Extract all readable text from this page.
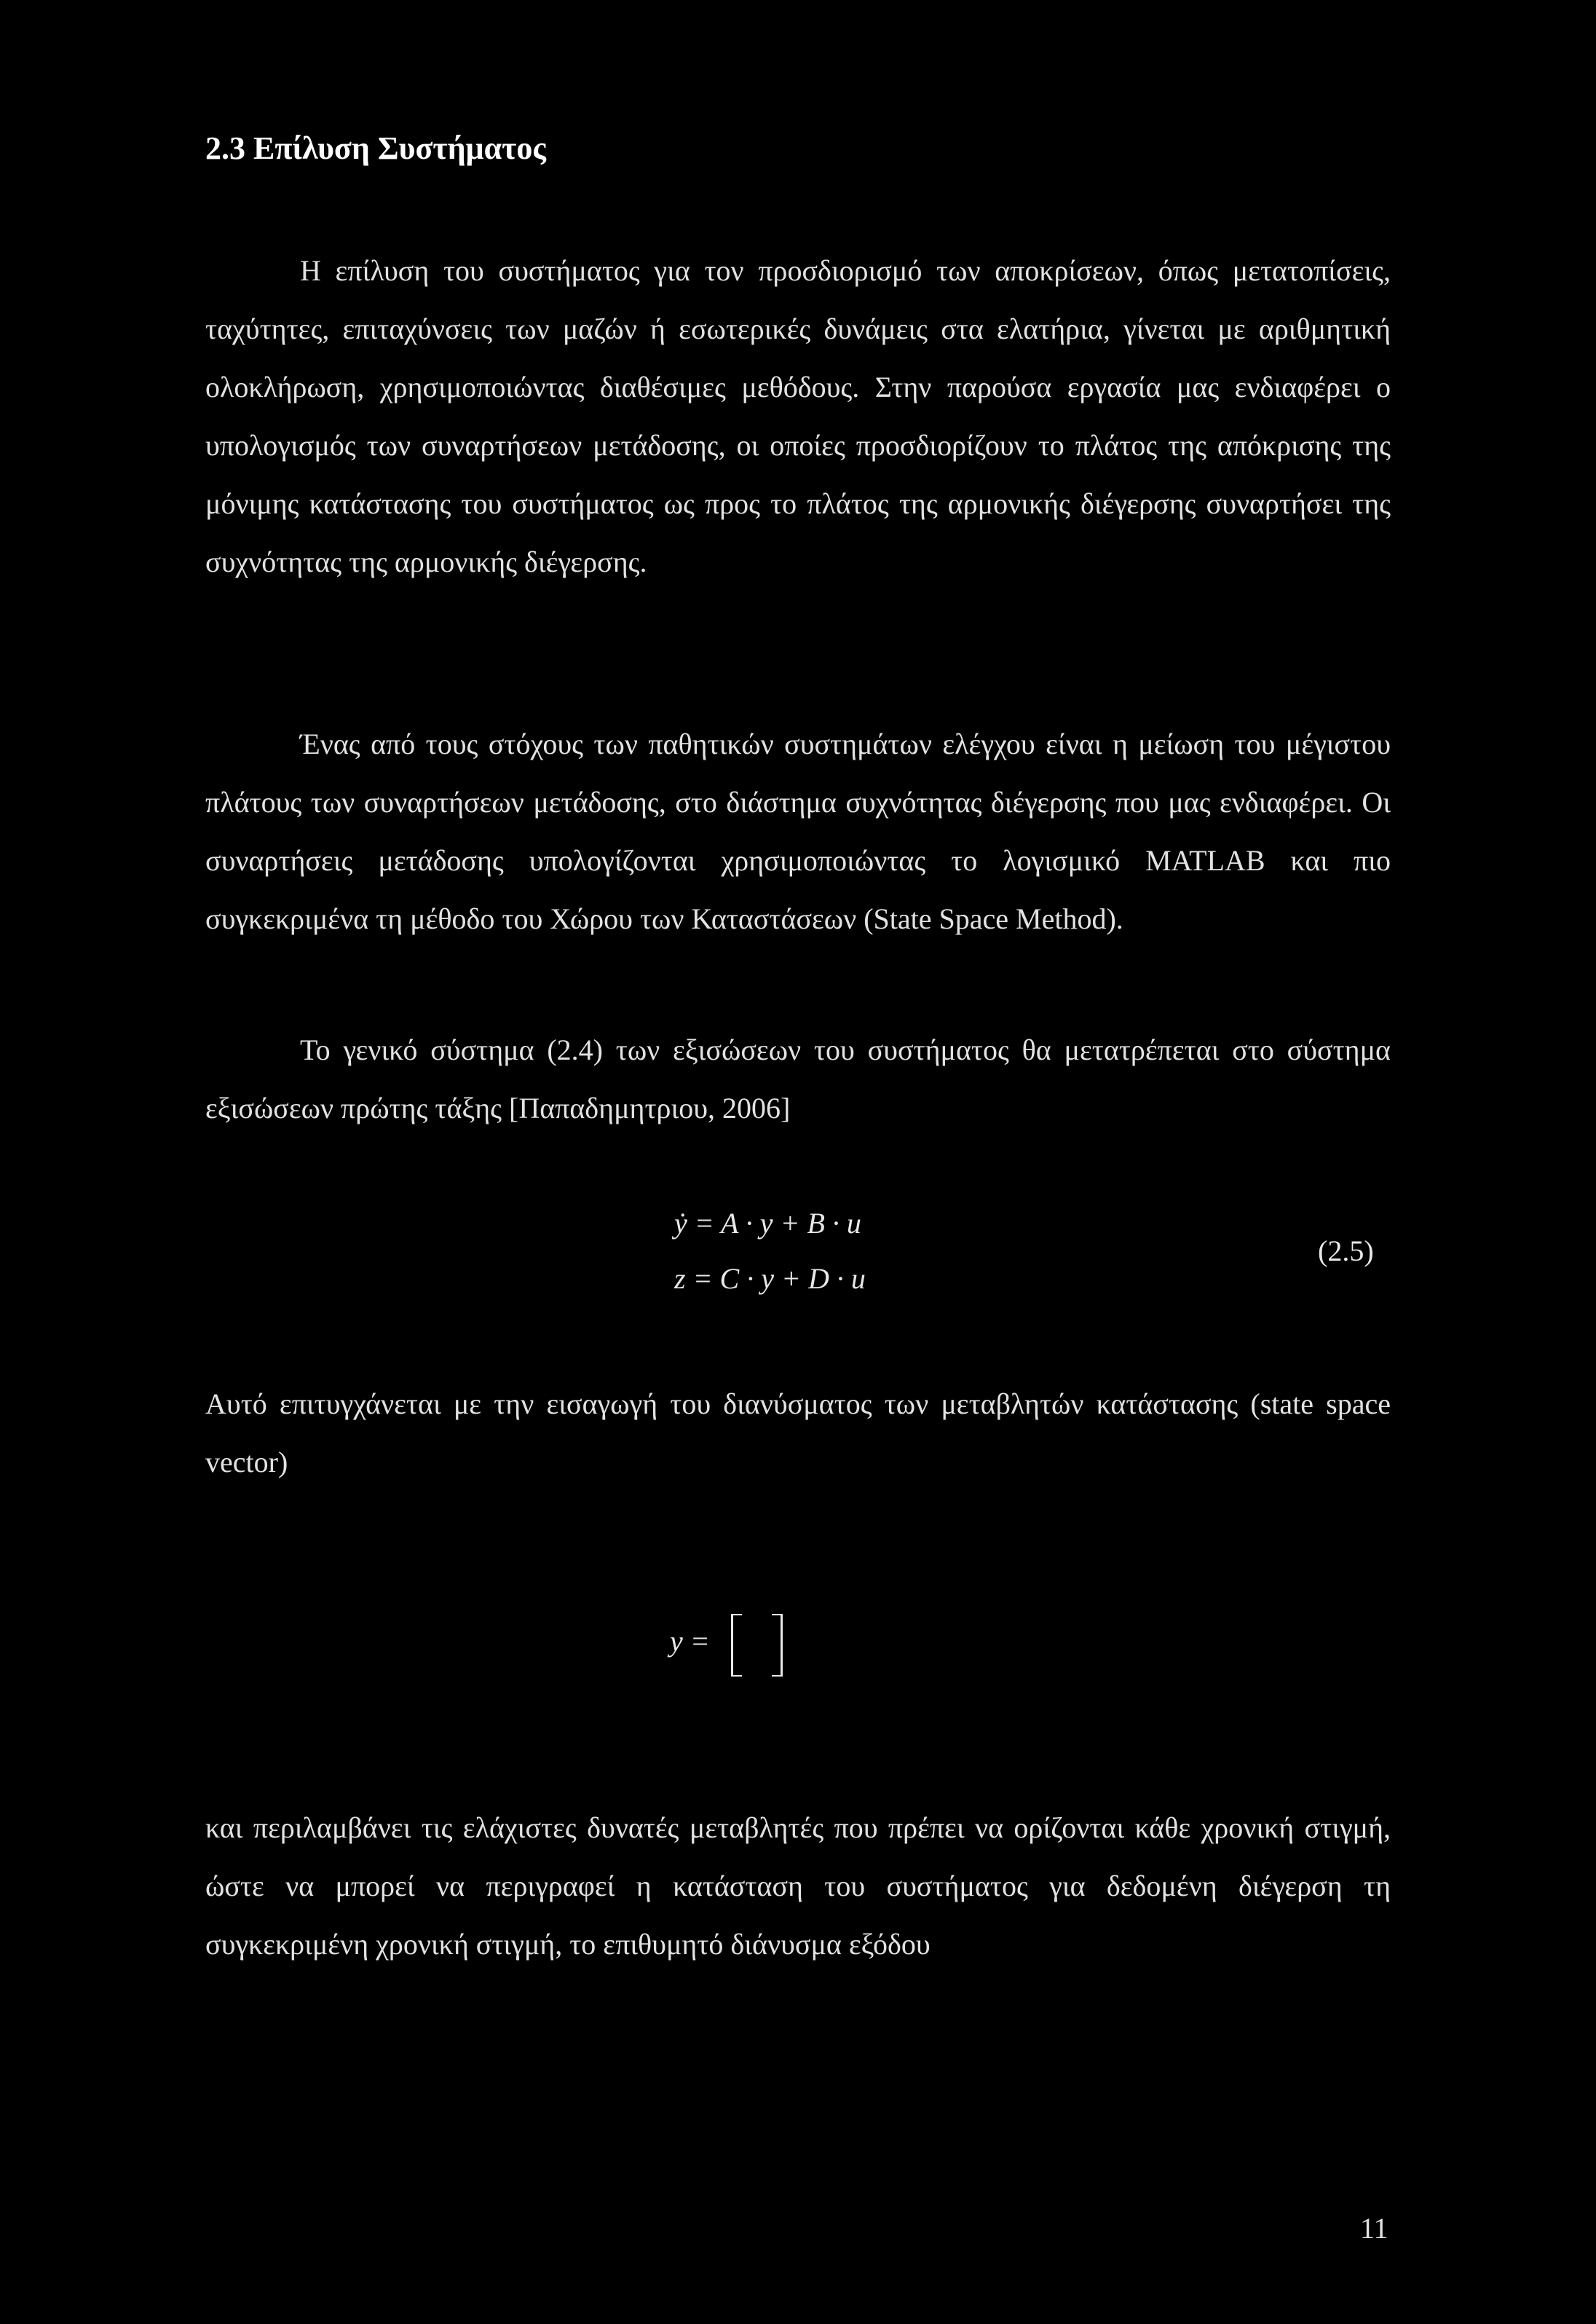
2.3 Επίλυση Συστήματος
Η επίλυση του συστήματος για τον προσδιορισμό των αποκρίσεων, όπως μετατοπίσεις, ταχύτητες, επιταχύνσεις των μαζών ή εσωτερικές δυνάμεις στα ελατήρια, γίνεται με αριθμητική ολοκλήρωση, χρησιμοποιώντας διαθέσιμες μεθόδους. Στην παρούσα εργασία μας ενδιαφέρει ο υπολογισμός των συναρτήσεων μετάδοσης, οι οποίες προσδιορίζουν το πλάτος της απόκρισης της μόνιμης κατάστασης του συστήματος ως προς το πλάτος της αρμονικής διέγερσης συναρτήσει της συχνότητας της αρμονικής διέγερσης.
Ένας από τους στόχους των παθητικών συστημάτων ελέγχου είναι η μείωση του μέγιστου πλάτους των συναρτήσεων μετάδοσης, στο διάστημα συχνότητας διέγερσης που μας ενδιαφέρει. Οι συναρτήσεις μετάδοσης υπολογίζονται χρησιμοποιώντας το λογισμικό MATLAB και πιο συγκεκριμένα τη μέθοδο του Χώρου των Καταστάσεων (State Space Method).
Το γενικό σύστημα (2.4) των εξισώσεων του συστήματος θα μετατρέπεται στο σύστημα εξισώσεων πρώτης τάξης [Παπαδημητριου, 2006]
ẏ = A · y + B · u
z = C · y + D · u
(2.5)
Αυτό επιτυγχάνεται με την εισαγωγή του διανύσματος των μεταβλητών κατάστασης (state space vector)
y =
και περιλαμβάνει τις ελάχιστες δυνατές μεταβλητές που πρέπει να ορίζονται κάθε χρονική στιγμή, ώστε να μπορεί να περιγραφεί η κατάσταση του συστήματος για δεδομένη διέγερση τη συγκεκριμένη χρονική στιγμή, το επιθυμητό διάνυσμα εξόδου
11
